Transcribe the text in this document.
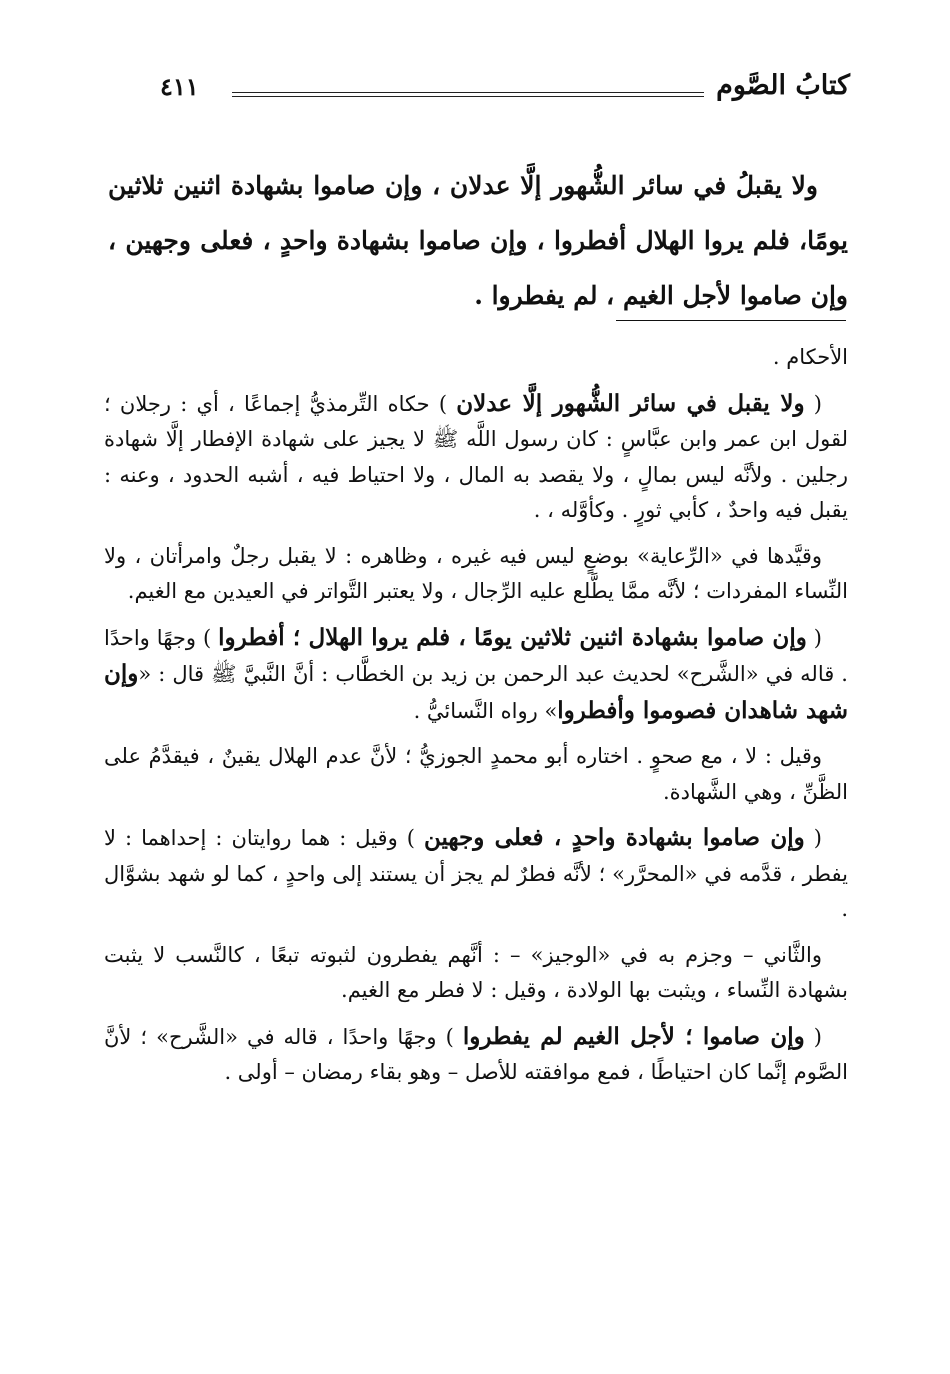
كتابُ الصَّوم
٤١١
ولا يقبلُ في سائر الشُّهور إلَّا عدلان ، وإن صاموا بشهادة اثنين ثلاثين يومًا، فلم يروا الهلال أفطروا ، وإن صاموا بشهادة واحدٍ ، فعلى وجهين ، وإن صاموا لأجل الغيم ، لم يفطروا .

الأحكام .

( ولا يقبل في سائر الشُّهور إلَّا عدلان ) حكاه التِّرمذيُّ إجماعًا ، أي : رجلان ؛ لقول ابن عمر وابن عبَّاسٍ : كان رسول اللَّه ﷺ لا يجيز على شهادة الإفطار إلَّا شهادة رجلين . ولأنَّه ليس بمالٍ ، ولا يقصد به المال ، ولا احتياط فيه ، أشبه الحدود ، وعنه : يقبل فيه واحدٌ ، كأبي ثورٍ . وكأوَّله ، .

وقيَّدها في «الرِّعاية» بوضعٍ ليس فيه غيره ، وظاهره : لا يقبل رجلٌ وامرأتان ، ولا النِّساء المفردات ؛ لأنَّه ممَّا يطَّلع عليه الرِّجال ، ولا يعتبر التَّواتر في العيدين مع الغيم.

( وإن صاموا بشهادة اثنين ثلاثين يومًا ، فلم يروا الهلال ؛ أفطروا ) وجهًا واحدًا . قاله في «الشَّرح» لحديث عبد الرحمن بن زيد بن الخطَّاب : أنَّ النَّبيَّ ﷺ قال : «وإن شهد شاهدان فصوموا وأفطروا» رواه النَّسائيُّ .

وقيل : لا ، مع صحوٍ . اختاره أبو محمدٍ الجوزيُّ ؛ لأنَّ عدم الهلال يقينٌ ، فيقدَّمُ على الظَّنِّ ، وهي الشَّهادة.

( وإن صاموا بشهادة واحدٍ ، فعلى وجهين ) وقيل : هما روايتان : إحداهما : لا يفطر ، قدَّمه في «المحرَّر» ؛ لأنَّه فطرٌ لم يجز أن يستند إلى واحدٍ ، كما لو شهد بشوَّال .

والثَّاني – وجزم به في «الوجيز» – : أنَّهم يفطرون لثبوته تبعًا ، كالنَّسب لا يثبت بشهادة النِّساء ، ويثبت بها الولادة ، وقيل : لا فطر مع الغيم.

( وإن صاموا ؛ لأجل الغيم لم يفطروا ) وجهًا واحدًا ، قاله في «الشَّرح» ؛ لأنَّ الصَّوم إنَّما كان احتياطًا ، فمع موافقته للأصل – وهو بقاء رمضان – أولى .
